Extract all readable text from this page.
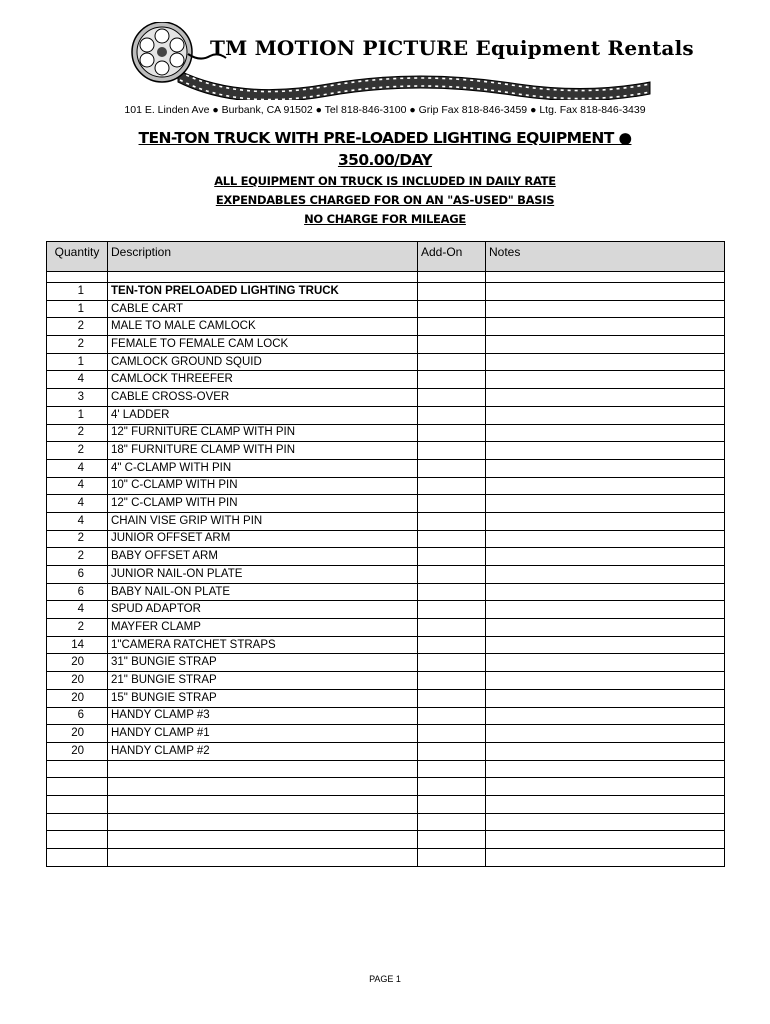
TM MOTION PICTURE Equipment Rentals
101 E. Linden Ave ● Burbank, CA 91502 ● Tel 818-846-3100 ● Grip Fax 818-846-3459 ● Ltg. Fax 818-846-3439
TEN-TON TRUCK WITH PRE-LOADED LIGHTING EQUIPMENT ●
350.00/DAY
ALL EQUIPMENT ON TRUCK IS INCLUDED IN DAILY RATE
EXPENDABLES CHARGED FOR ON AN "AS-USED" BASIS
NO CHARGE FOR MILEAGE
Quantity	Description	Add-On	Notes

1	TEN-TON PRELOADED LIGHTING TRUCK		
1	CABLE CART		
2	MALE TO MALE CAMLOCK		
2	FEMALE TO FEMALE CAM LOCK		
1	CAMLOCK GROUND SQUID		
4	CAMLOCK THREEFER		
3	CABLE CROSS-OVER		
1	4' LADDER		
2	12" FURNITURE CLAMP WITH PIN		
2	18" FURNITURE CLAMP WITH PIN		
4	4" C-CLAMP WITH PIN		
4	10" C-CLAMP WITH PIN		
4	12" C-CLAMP WITH PIN		
4	CHAIN VISE GRIP WITH PIN		
2	JUNIOR OFFSET ARM		
2	BABY OFFSET ARM		
6	JUNIOR NAIL-ON PLATE		
6	BABY NAIL-ON PLATE		
4	SPUD ADAPTOR		
2	MAYFER CLAMP		
14	1"CAMERA RATCHET STRAPS		
20	31" BUNGIE STRAP		
20	21" BUNGIE STRAP		
20	15" BUNGIE STRAP		
6	HANDY CLAMP #3		
20	HANDY CLAMP #1		
20	HANDY CLAMP #2		

PAGE 1
